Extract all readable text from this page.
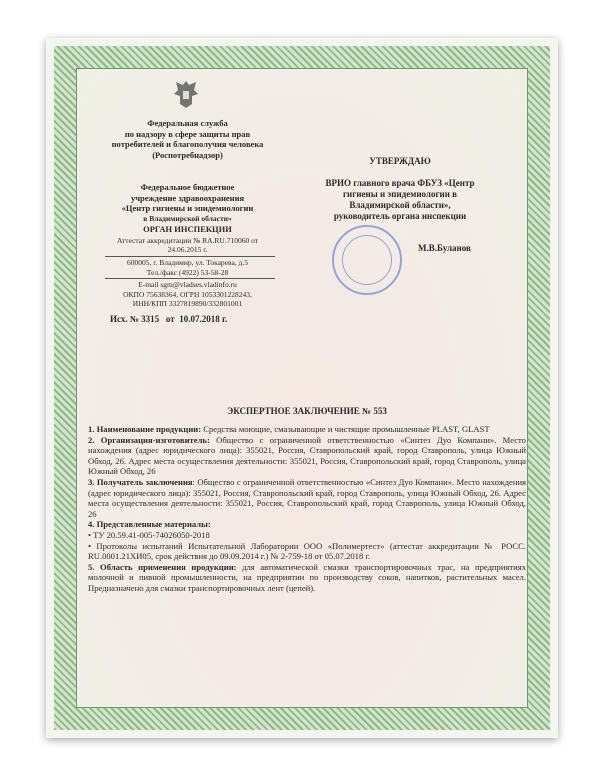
Федеральная служба
по надзору в сфере защиты прав
потребителей и благополучия человека
(Роспотребнадзор)
Федеральное бюджетное
учреждение здравоохранения
«Центр гигиены и эпидемиологии
в Владимирской области»
ОРГАН ИНСПЕКЦИИ
Аттестат аккредитации № RA.RU.710060 от
24.06.2015 г.
600005, г. Владимир, ул. Токарева, д.5
Тел./факс (4922) 53-58-28
E-mail sgm@vladses.vladinfo.ru
ОКПО 75638364, ОГРН 1053301228243,
ИНН/КПП 3327819890/332801001
Исх. № 3315   от  10.07.2018 г.
УТВЕРЖДАЮ
ВРИО главного врача ФБУЗ «Центр
гигиены и эпидемиологии в
Владимирской области»,
руководитель органа инспекции
М.В.Буланов
ЭКСПЕРТНОЕ ЗАКЛЮЧЕНИЕ № 553

1. Наименование продукции: Средства моющие, смазывающие и чистящие промышленные PLAST, GLAST

2. Организация-изготовитель: Общество с ограниченной ответственностью «Синтез Дуо Компани». Место нахождения (адрес юридического лица): 355021, Россия, Ставропольский край, город Ставрополь, улица Южный Обход, 26. Адрес места осуществления деятельности: 355021, Россия, Ставропольский край, город Ставрополь, улица Южный Обход, 26

3. Получатель заключения: Общество с ограниченной ответственностью «Синтез Дуо Компани». Место нахождения (адрес юридического лица): 355021, Россия, Ставропольский край, город Ставрополь, улица Южный Обход, 26. Адрес места осуществления деятельности: 355021, Россия, Ставропольский край, город Ставрополь, улица Южный Обход, 26

4. Представленные материалы:

• ТУ 20.59.41-005-74026050-2018

• Протоколы испытаний Испытательной Лаборатории ООО «Полимертест» (аттестат аккредитации № РОСС. RU.0001.21ХИ05, срок действия до 09.09.2014 г.) № 2-759-18 от 05.07.2018 г.

5. Область применения продукции: для автоматической смазки транспортировочных трас, на предприятиях молочной и пивной промышленности, на предприятии по производству соков, напитков, растительных масел. Предназначено для смазки транспортировочных лент (цепей).
